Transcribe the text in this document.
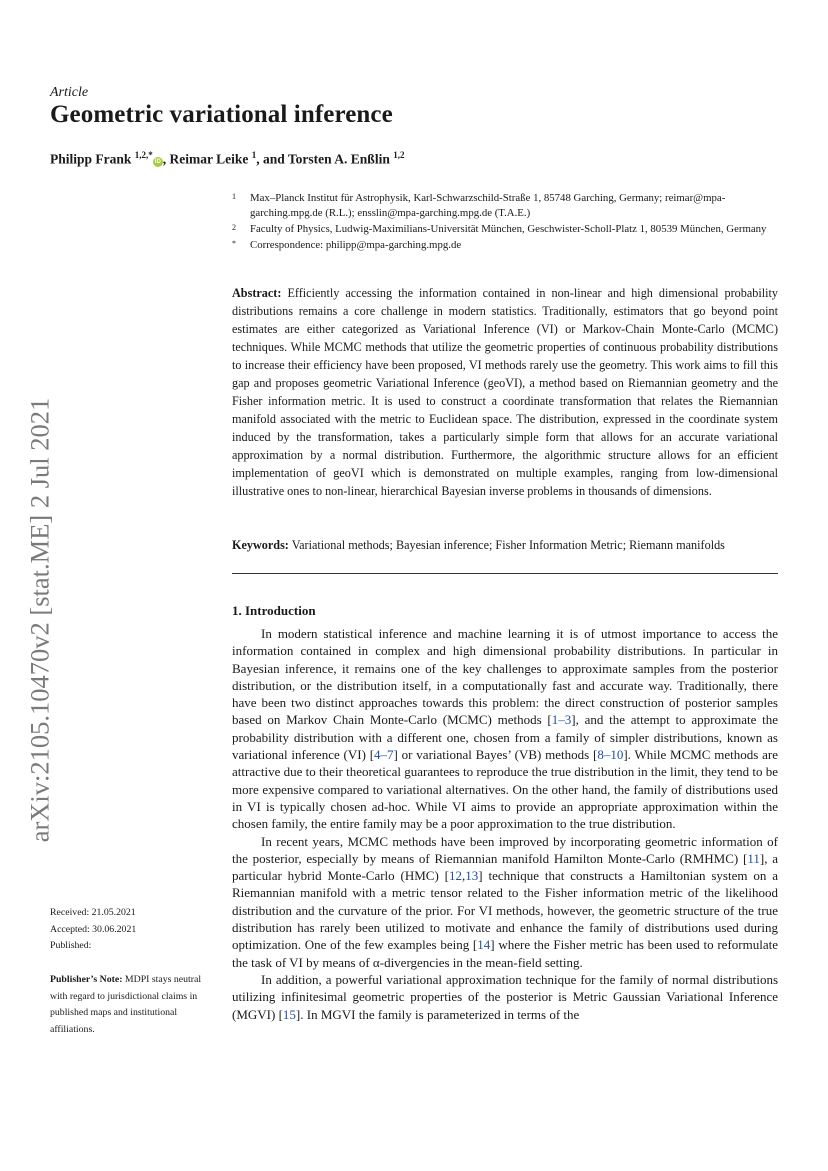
arXiv:2105.10470v2 [stat.ME] 2 Jul 2021
Article
Geometric variational inference
Philipp Frank $^{1,2,*}$iD , Reimar Leike $^1$, and Torsten A. Enßlin $^{1,2}$
1 Max–Planck Institut für Astrophysik, Karl-Schwarzschild-Straße 1, 85748 Garching, Germany; reimar@mpa-garching.mpg.de (R.L.); ensslin@mpa-garching.mpg.de (T.A.E.)
2 Faculty of Physics, Ludwig-Maximilians-Universität München, Geschwister-Scholl-Platz 1, 80539 München, Germany
* Correspondence: philipp@mpa-garching.mpg.de

Abstract: Efficiently accessing the information contained in non-linear and high dimensional probability distributions remains a core challenge in modern statistics. Traditionally, estimators that go beyond point estimates are either categorized as Variational Inference (VI) or Markov-Chain Monte-Carlo (MCMC) techniques. While MCMC methods that utilize the geometric properties of continuous probability distributions to increase their efficiency have been proposed, VI methods rarely use the geometry. This work aims to fill this gap and proposes geometric Variational Inference (geoVI), a method based on Riemannian geometry and the Fisher information metric. It is used to construct a coordinate transformation that relates the Riemannian manifold associated with the metric to Euclidean space. The distribution, expressed in the coordinate system induced by the transformation, takes a particularly simple form that allows for an accurate variational approximation by a normal distribution. Furthermore, the algorithmic structure allows for an efficient implementation of geoVI which is demonstrated on multiple examples, ranging from low-dimensional illustrative ones to non-linear, hierarchical Bayesian inverse problems in thousands of dimensions.

Keywords: Variational methods; Bayesian inference; Fisher Information Metric; Riemann manifolds
1. Introduction

In modern statistical inference and machine learning it is of utmost importance to access the information contained in complex and high dimensional probability distributions. In particular in Bayesian inference, it remains one of the key challenges to approximate samples from the posterior distribution, or the distribution itself, in a computationally fast and accurate way. Traditionally, there have been two distinct approaches towards this problem: the direct construction of posterior samples based on Markov Chain Monte-Carlo (MCMC) methods [1–3], and the attempt to approximate the probability distribution with a different one, chosen from a family of simpler distributions, known as variational inference (VI) [4–7] or variational Bayes’ (VB) methods [8–10]. While MCMC methods are attractive due to their theoretical guarantees to reproduce the true distribution in the limit, they tend to be more expensive compared to variational alternatives. On the other hand, the family of distributions used in VI is typically chosen ad-hoc. While VI aims to provide an appropriate approximation within the chosen family, the entire family may be a poor approximation to the true distribution.

In recent years, MCMC methods have been improved by incorporating geometric information of the posterior, especially by means of Riemannian manifold Hamilton Monte-Carlo (RMHMC) [11], a particular hybrid Monte-Carlo (HMC) [12,13] technique that constructs a Hamiltonian system on a Riemannian manifold with a metric tensor related to the Fisher information metric of the likelihood distribution and the curvature of the prior. For VI methods, however, the geometric structure of the true distribution has rarely been utilized to motivate and enhance the family of distributions used during optimization. One of the few examples being [14] where the Fisher metric has been used to reformulate the task of VI by means of α-divergencies in the mean-field setting.

In addition, a powerful variational approximation technique for the family of normal distributions utilizing infinitesimal geometric properties of the posterior is Metric Gaussian Variational Inference (MGVI) [15]. In MGVI the family is parameterized in terms of the

Received: 21.05.2021
Accepted: 30.06.2021
Published:
Publisher’s Note: MDPI stays neutral with regard to jurisdictional claims in published maps and institutional affiliations.
